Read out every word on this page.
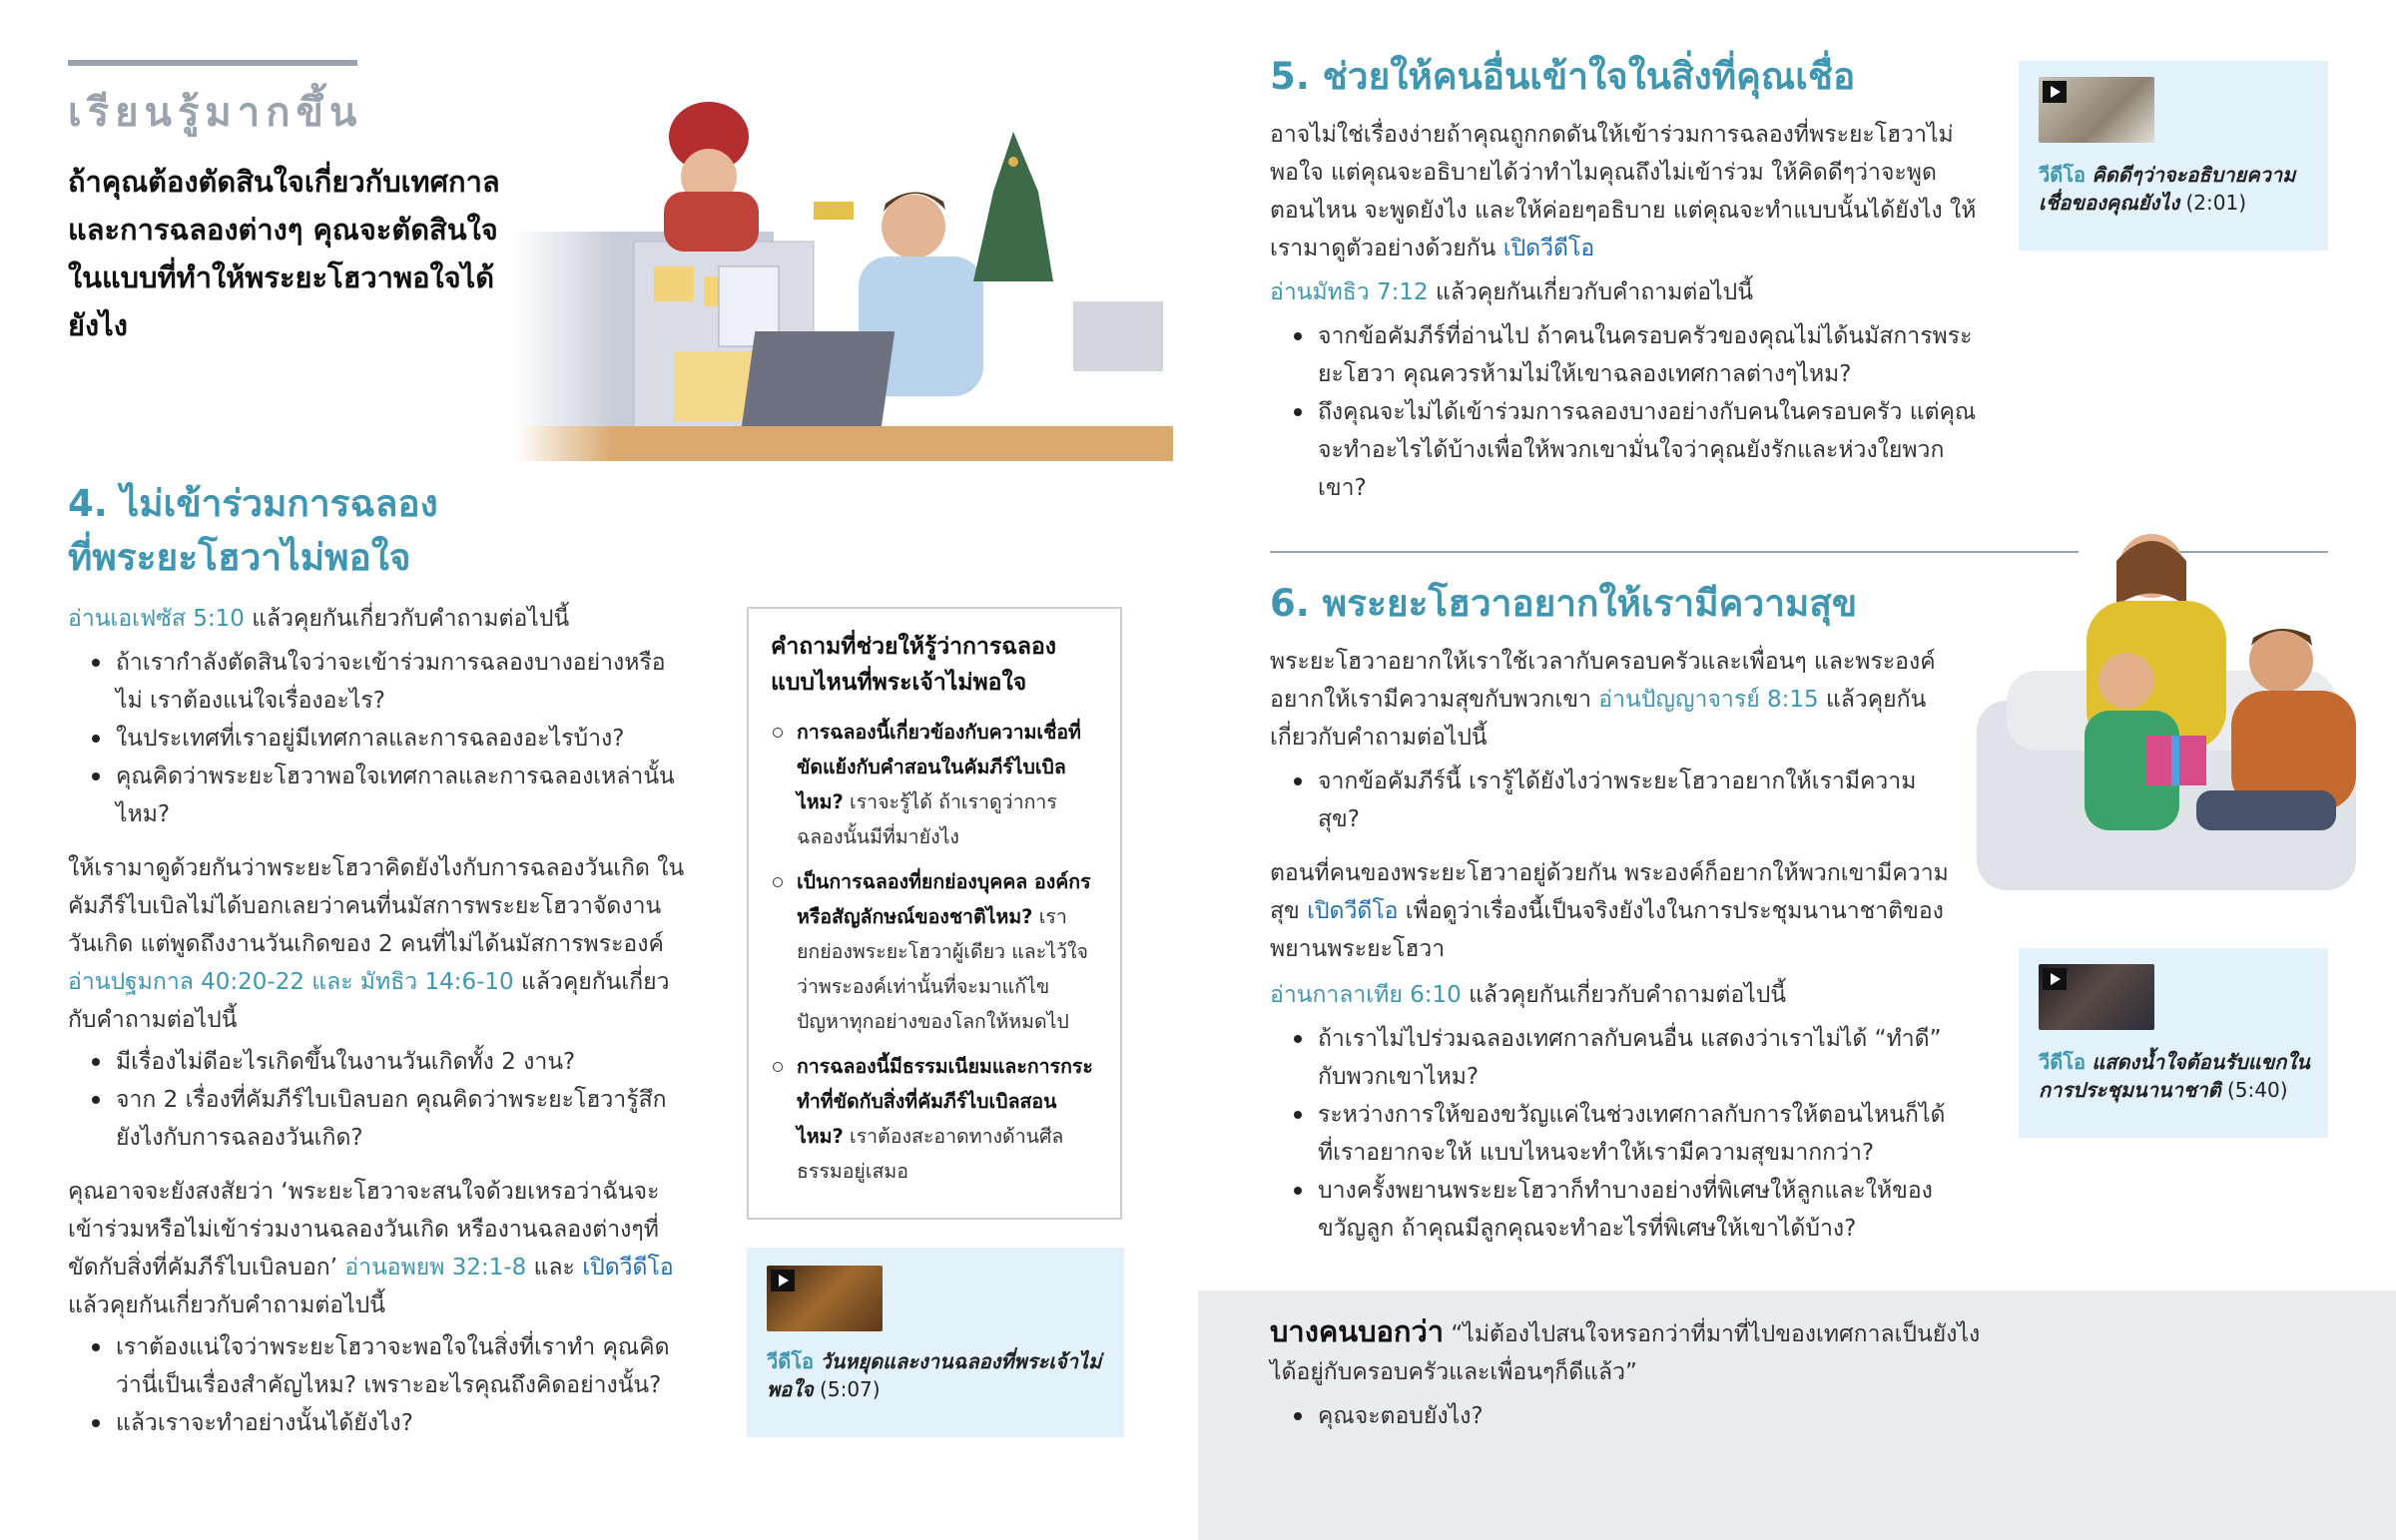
เรียนรู้มากขึ้น
ถ้าคุณต้องตัดสินใจเกี่ยวกับเทศกาลและการฉลองต่างๆ คุณจะตัดสินใจในแบบที่ทำให้พระยะโฮวาพอใจได้ยังไง
4. ไม่เข้าร่วมการฉลอง
ที่พระยะโฮวาไม่พอใจ
อ่านเอเฟซัส 5:10 แล้วคุยกันเกี่ยวกับคำถามต่อไปนี้
ถ้าเรากำลังตัดสินใจว่าจะเข้าร่วมการฉลองบางอย่างหรือไม่ เราต้องแน่ใจเรื่องอะไร?
ในประเทศที่เราอยู่มีเทศกาลและการฉลองอะไรบ้าง?
คุณคิดว่าพระยะโฮวาพอใจเทศกาลและการฉลองเหล่านั้นไหม?
ให้เรามาดูด้วยกันว่าพระยะโฮวาคิดยังไงกับการฉลองวันเกิด ในคัมภีร์ไบเบิลไม่ได้บอกเลยว่าคนที่นมัสการพระยะโฮวาจัดงานวันเกิด แต่พูดถึงงานวันเกิดของ 2 คนที่ไม่ได้นมัสการพระองค์ อ่านปฐมกาล 40:20-22 และ มัทธิว 14:6-10 แล้วคุยกันเกี่ยวกับคำถามต่อไปนี้
มีเรื่องไม่ดีอะไรเกิดขึ้นในงานวันเกิดทั้ง 2 งาน?
จาก 2 เรื่องที่คัมภีร์ไบเบิลบอก คุณคิดว่าพระยะโฮวารู้สึกยังไงกับการฉลองวันเกิด?
คุณอาจจะยังสงสัยว่า ‘พระยะโฮวาจะสนใจด้วยเหรอว่าฉันจะเข้าร่วมหรือไม่เข้าร่วมงานฉลองวันเกิด หรืองานฉลองต่างๆที่ขัดกับสิ่งที่คัมภีร์ไบเบิลบอก’ อ่านอพยพ 32:1-8 และ เปิดวีดีโอ แล้วคุยกันเกี่ยวกับคำถามต่อไปนี้
เราต้องแน่ใจว่าพระยะโฮวาจะพอใจในสิ่งที่เราทำ คุณคิดว่านี่เป็นเรื่องสำคัญไหม? เพราะอะไรคุณถึงคิดอย่างนั้น?
แล้วเราจะทำอย่างนั้นได้ยังไง?
คำถามที่ช่วยให้รู้ว่าการฉลองแบบไหนที่พระเจ้าไม่พอใจ
การฉลองนี้เกี่ยวข้องกับความเชื่อที่ขัดแย้งกับคำสอนในคัมภีร์ไบเบิลไหม? เราจะรู้ได้ ถ้าเราดูว่าการฉลองนั้นมีที่มายังไง
เป็นการฉลองที่ยกย่องบุคคล องค์กร หรือสัญลักษณ์ของชาติไหม? เรายกย่องพระยะโฮวาผู้เดียว และไว้ใจว่าพระองค์เท่านั้นที่จะมาแก้ไขปัญหาทุกอย่างของโลกให้หมดไป
การฉลองนี้มีธรรมเนียมและการกระทำที่ขัดกับสิ่งที่คัมภีร์ไบเบิลสอนไหม? เราต้องสะอาดทางด้านศีลธรรมอยู่เสมอ
วีดีโอ วันหยุดและงานฉลองที่พระเจ้าไม่พอใจ (5:07)
5. ช่วยให้คนอื่นเข้าใจในสิ่งที่คุณเชื่อ
อาจไม่ใช่เรื่องง่ายถ้าคุณถูกกดดันให้เข้าร่วมการฉลองที่พระยะโฮวาไม่พอใจ แต่คุณจะอธิบายได้ว่าทำไมคุณถึงไม่เข้าร่วม ให้คิดดีๆว่าจะพูดตอนไหน จะพูดยังไง และให้ค่อยๆอธิบาย แต่คุณจะทำแบบนั้นได้ยังไง ให้เรามาดูตัวอย่างด้วยกัน เปิดวีดีโอ
อ่านมัทธิว 7:12 แล้วคุยกันเกี่ยวกับคำถามต่อไปนี้
จากข้อคัมภีร์ที่อ่านไป ถ้าคนในครอบครัวของคุณไม่ได้นมัสการพระยะโฮวา คุณควรห้ามไม่ให้เขาฉลองเทศกาลต่างๆไหม?
ถึงคุณจะไม่ได้เข้าร่วมการฉลองบางอย่างกับคนในครอบครัว แต่คุณจะทำอะไรได้บ้างเพื่อให้พวกเขามั่นใจว่าคุณยังรักและห่วงใยพวกเขา?
วีดีโอ คิดดีๆว่าจะอธิบายความเชื่อของคุณยังไง (2:01)
6. พระยะโฮวาอยากให้เรามีความสุข
พระยะโฮวาอยากให้เราใช้เวลากับครอบครัวและเพื่อนๆ และพระองค์อยากให้เรามีความสุขกับพวกเขา อ่านปัญญาจารย์ 8:15 แล้วคุยกันเกี่ยวกับคำถามต่อไปนี้
จากข้อคัมภีร์นี้ เรารู้ได้ยังไงว่าพระยะโฮวาอยากให้เรามีความสุข?
ตอนที่คนของพระยะโฮวาอยู่ด้วยกัน พระองค์ก็อยากให้พวกเขามีความสุข เปิดวีดีโอ เพื่อดูว่าเรื่องนี้เป็นจริงยังไงในการประชุมนานาชาติของพยานพระยะโฮวา
อ่านกาลาเทีย 6:10 แล้วคุยกันเกี่ยวกับคำถามต่อไปนี้
ถ้าเราไม่ไปร่วมฉลองเทศกาลกับคนอื่น แสดงว่าเราไม่ได้ “ทำดี” กับพวกเขาไหม?
ระหว่างการให้ของขวัญแค่ในช่วงเทศกาลกับการให้ตอนไหนก็ได้ที่เราอยากจะให้ แบบไหนจะทำให้เรามีความสุขมากกว่า?
บางครั้งพยานพระยะโฮวาก็ทำบางอย่างที่พิเศษให้ลูกและให้ของขวัญลูก ถ้าคุณมีลูกคุณจะทำอะไรที่พิเศษให้เขาได้บ้าง?
วีดีโอ แสดงน้ำใจต้อนรับแขกในการประชุมนานาชาติ (5:40)
บางคนบอกว่า “ไม่ต้องไปสนใจหรอกว่าที่มาที่ไปของเทศกาลเป็นยังไง ได้อยู่กับครอบครัวและเพื่อนๆก็ดีแล้ว”
คุณจะตอบยังไง?
